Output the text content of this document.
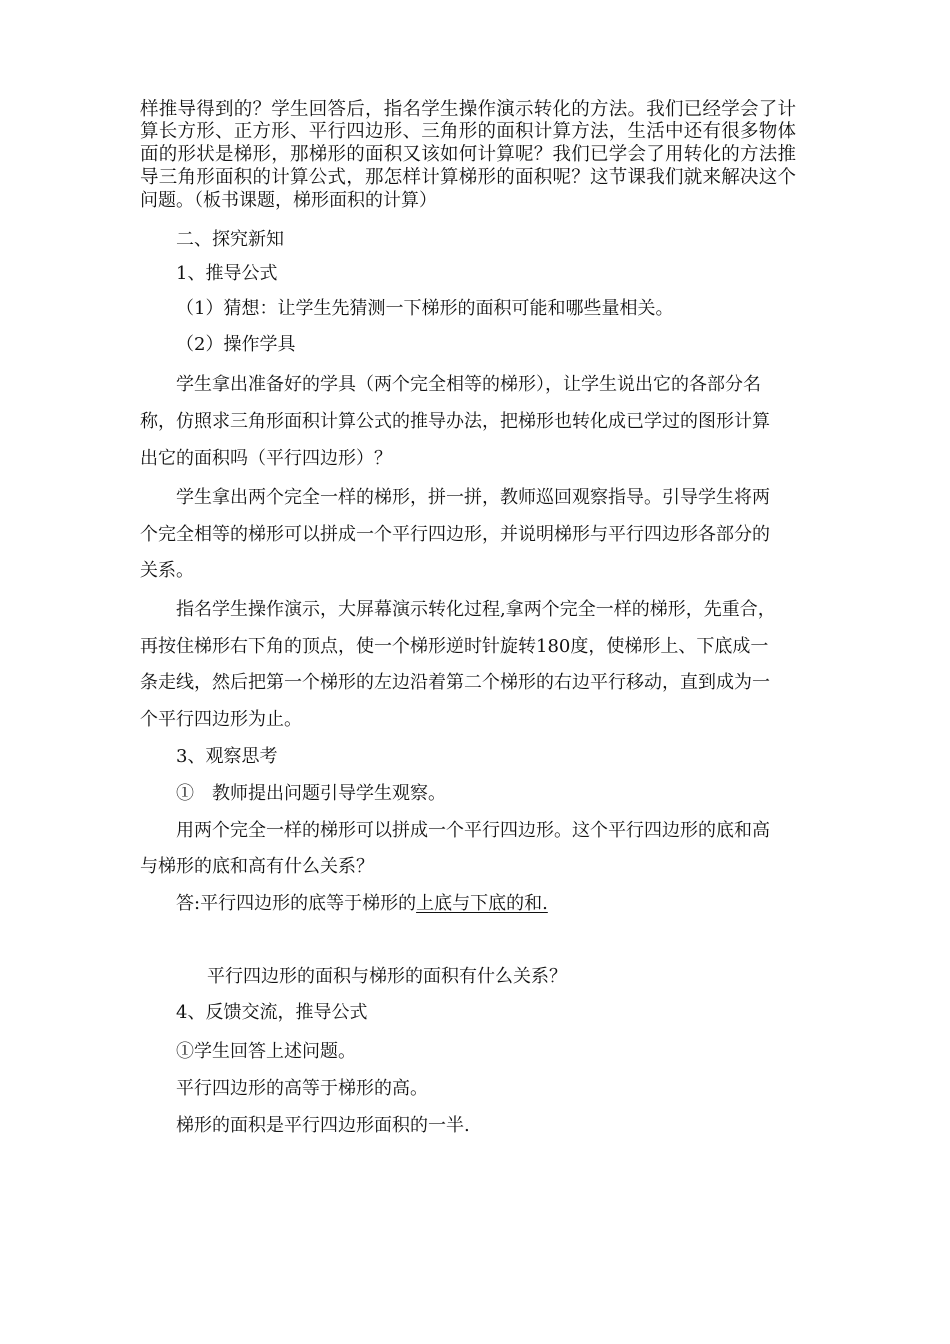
样推导得到的？学生回答后，指名学生操作演示转化的方法。我们已经学会了计
算长方形、正方形、平行四边形、三角形的面积计算方法，生活中还有很多物体
面的形状是梯形，那梯形的面积又该如何计算呢？我们已学会了用转化的方法推
导三角形面积的计算公式，那怎样计算梯形的面积呢？这节课我们就来解决这个
问题。（板书课题，梯形面积的计算）
二、探究新知
1、推导公式
（1）猜想：让学生先猜测一下梯形的面积可能和哪些量相关。
（2）操作学具
学生拿出准备好的学具（两个完全相等的梯形），让学生说出它的各部分名
称，仿照求三角形面积计算公式的推导办法，把梯形也转化成已学过的图形计算
出它的面积吗（平行四边形）？
学生拿出两个完全一样的梯形，拼一拼，教师巡回观察指导。引导学生将两
个完全相等的梯形可以拼成一个平行四边形，并说明梯形与平行四边形各部分的
关系。
指名学生操作演示，大屏幕演示转化过程,拿两个完全一样的梯形，先重合，
再按住梯形右下角的顶点，使一个梯形逆时针旋转180度，使梯形上、下底成一
条走线，然后把第一个梯形的左边沿着第二个梯形的右边平行移动，直到成为一
个平行四边形为止。
3、观察思考
①　教师提出问题引导学生观察。
用两个完全一样的梯形可以拼成一个平行四边形。这个平行四边形的底和高
与梯形的底和高有什么关系？
答:平行四边形的底等于梯形的上底与下底的和.
平行四边形的面积与梯形的面积有什么关系？
4、反馈交流，推导公式
①学生回答上述问题。
平行四边形的高等于梯形的高。
梯形的面积是平行四边形面积的一半.
